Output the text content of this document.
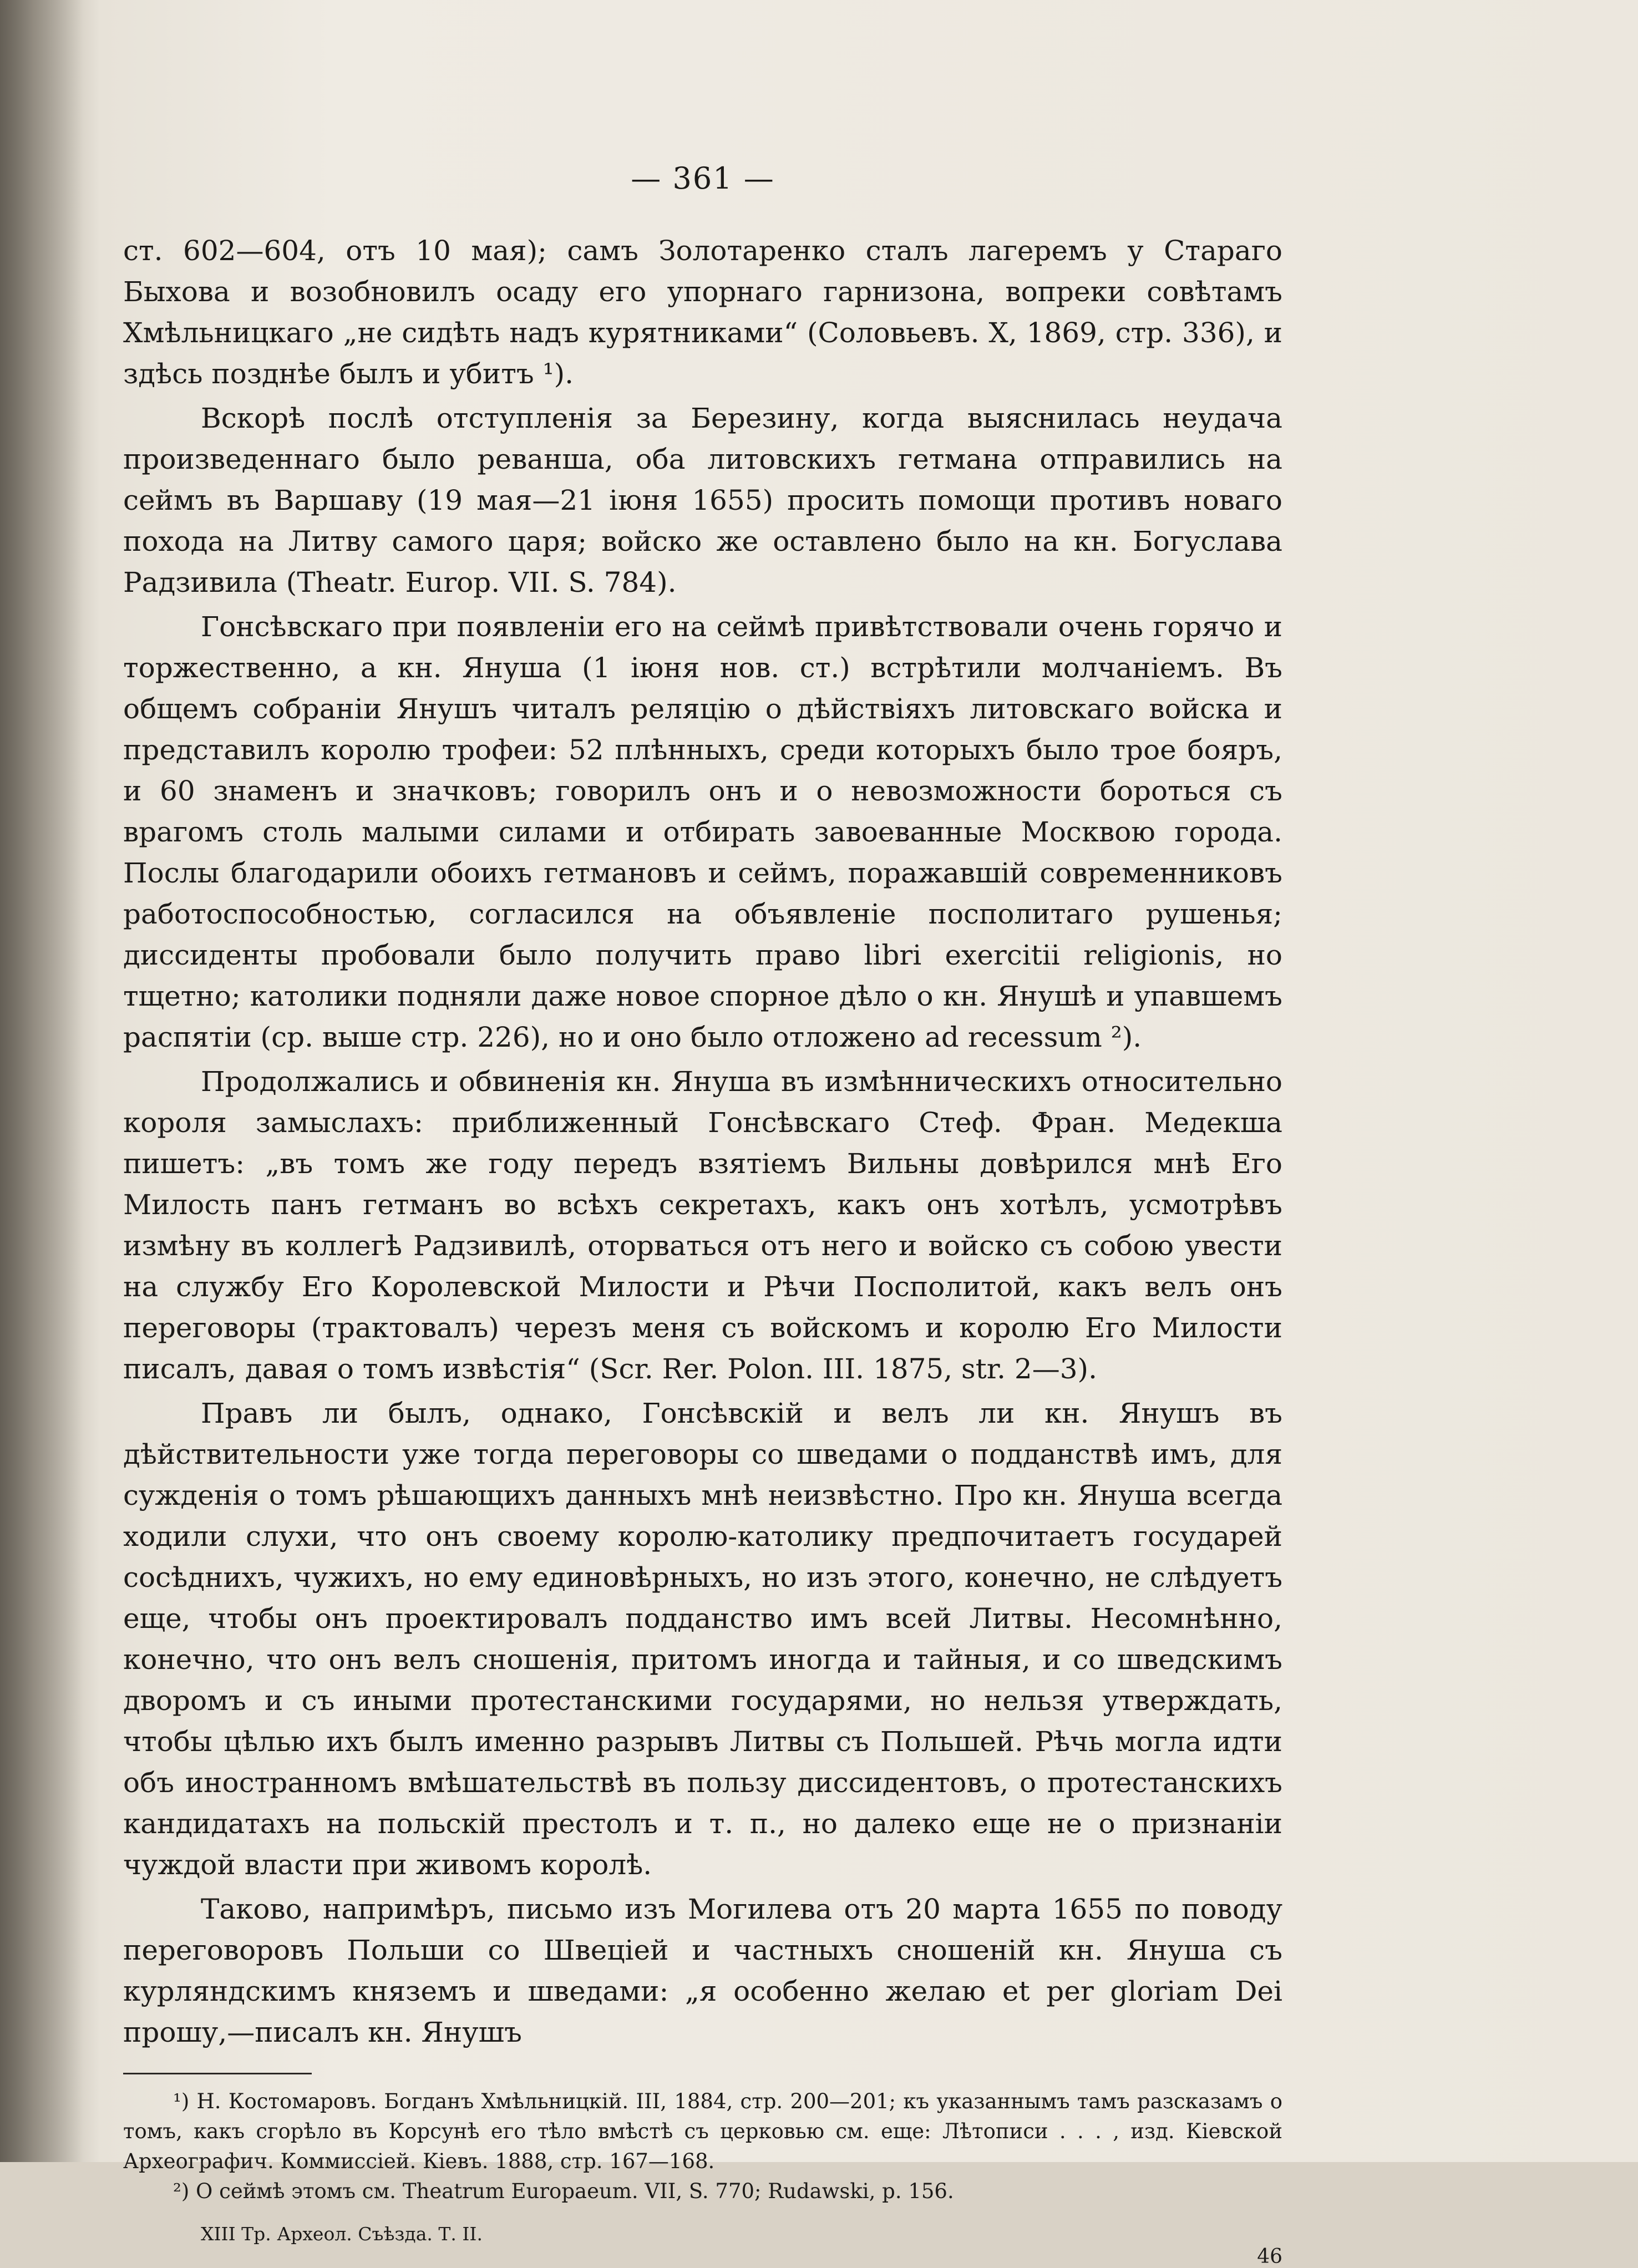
— 361 —

ст. 602—604, отъ 10 мая); самъ Золотаренко сталъ лагеремъ у Стараго Быхова и возобновилъ осаду его упорнаго гарнизона, вопреки совѣтамъ Хмѣльницкаго „не сидѣть надъ курятниками“ (Соловьевъ. X, 1869, стр. 336), и здѣсь позднѣе былъ и убитъ ¹).

Вскорѣ послѣ отступленія за Березину, когда выяснилась неудача произведеннаго было реванша, оба литовскихъ гетмана отправились на сеймъ въ Варшаву (19 мая—21 іюня 1655) просить помощи противъ новаго похода на Литву самого царя; войско же оставлено было на кн. Богуслава Радзивила (Theatr. Europ. VII. S. 784).

Гонсѣвскаго при появленіи его на сеймѣ привѣтствовали очень горячо и торжественно, а кн. Януша (1 іюня нов. ст.) встрѣтили молчаніемъ. Въ общемъ собраніи Янушъ читалъ реляцію о дѣйствіяхъ литовскаго войска и представилъ королю трофеи: 52 плѣнныхъ, среди которыхъ было трое бояръ, и 60 знаменъ и значковъ; говорилъ онъ и о невозможности бороться съ врагомъ столь малыми силами и отбирать завоеванные Москвою города. Послы благодарили обоихъ гетмановъ и сеймъ, поражавшій современниковъ работоспособностью, согласился на объявленіе посполитаго рушенья; диссиденты пробовали было получить право libri exercitii religionis, но тщетно; католики подняли даже новое спорное дѣло о кн. Янушѣ и упавшемъ распятіи (ср. выше стр. 226), но и оно было отложено ad recessum ²).

Продолжались и обвиненія кн. Януша въ измѣнническихъ относительно короля замыслахъ: приближенный Гонсѣвскаго Стеф. Фран. Медекша пишетъ: „въ томъ же году передъ взятіемъ Вильны довѣрился мнѣ Его Милость панъ гетманъ во всѣхъ секретахъ, какъ онъ хотѣлъ, усмотрѣвъ измѣну въ коллегѣ Радзивилѣ, оторваться отъ него и войско съ собою увести на службу Его Королевской Милости и Рѣчи Посполитой, какъ велъ онъ переговоры (трактовалъ) черезъ меня съ войскомъ и королю Его Милости писалъ, давая о томъ извѣстія“ (Scr. Rer. Polon. III. 1875, str. 2—3).

Правъ ли былъ, однако, Гонсѣвскій и велъ ли кн. Янушъ въ дѣйствительности уже тогда переговоры со шведами о подданствѣ имъ, для сужденія о томъ рѣшающихъ данныхъ мнѣ неизвѣстно. Про кн. Януша всегда ходили слухи, что онъ своему королю-католику предпочитаетъ государей сосѣднихъ, чужихъ, но ему единовѣрныхъ, но изъ этого, конечно, не слѣдуетъ еще, чтобы онъ проектировалъ подданство имъ всей Литвы. Несомнѣнно, конечно, что онъ велъ сношенія, притомъ иногда и тайныя, и со шведскимъ дворомъ и съ иными протестанскими государями, но нельзя утверждать, чтобы цѣлью ихъ былъ именно разрывъ Литвы съ Польшей. Рѣчь могла идти объ иностранномъ вмѣшательствѣ въ пользу диссидентовъ, о протестанскихъ кандидатахъ на польскій престолъ и т. п., но далеко еще не о признаніи чуждой власти при живомъ королѣ.

Таково, напримѣръ, письмо изъ Могилева отъ 20 марта 1655 по поводу переговоровъ Польши со Швеціей и частныхъ сношеній кн. Януша съ курляндскимъ княземъ и шведами: „я особенно желаю et per gloriam Dei прошу,—писалъ кн. Янушъ

¹) Н. Костомаровъ. Богданъ Хмѣльницкій. III, 1884, стр. 200—201; къ указаннымъ тамъ разсказамъ о томъ, какъ сгорѣло въ Корсунѣ его тѣло вмѣстѣ съ церковью см. еще: Лѣтописи . . . , изд. Кіевской Археографич. Коммиссіей. Кіевъ. 1888, стр. 167—168.

²) О сеймѣ этомъ см. Theatrum Europaeum. VII, S. 770; Rudawski, p. 156.

XIII Тр. Археол. Съѣзда. Т. II.
46
